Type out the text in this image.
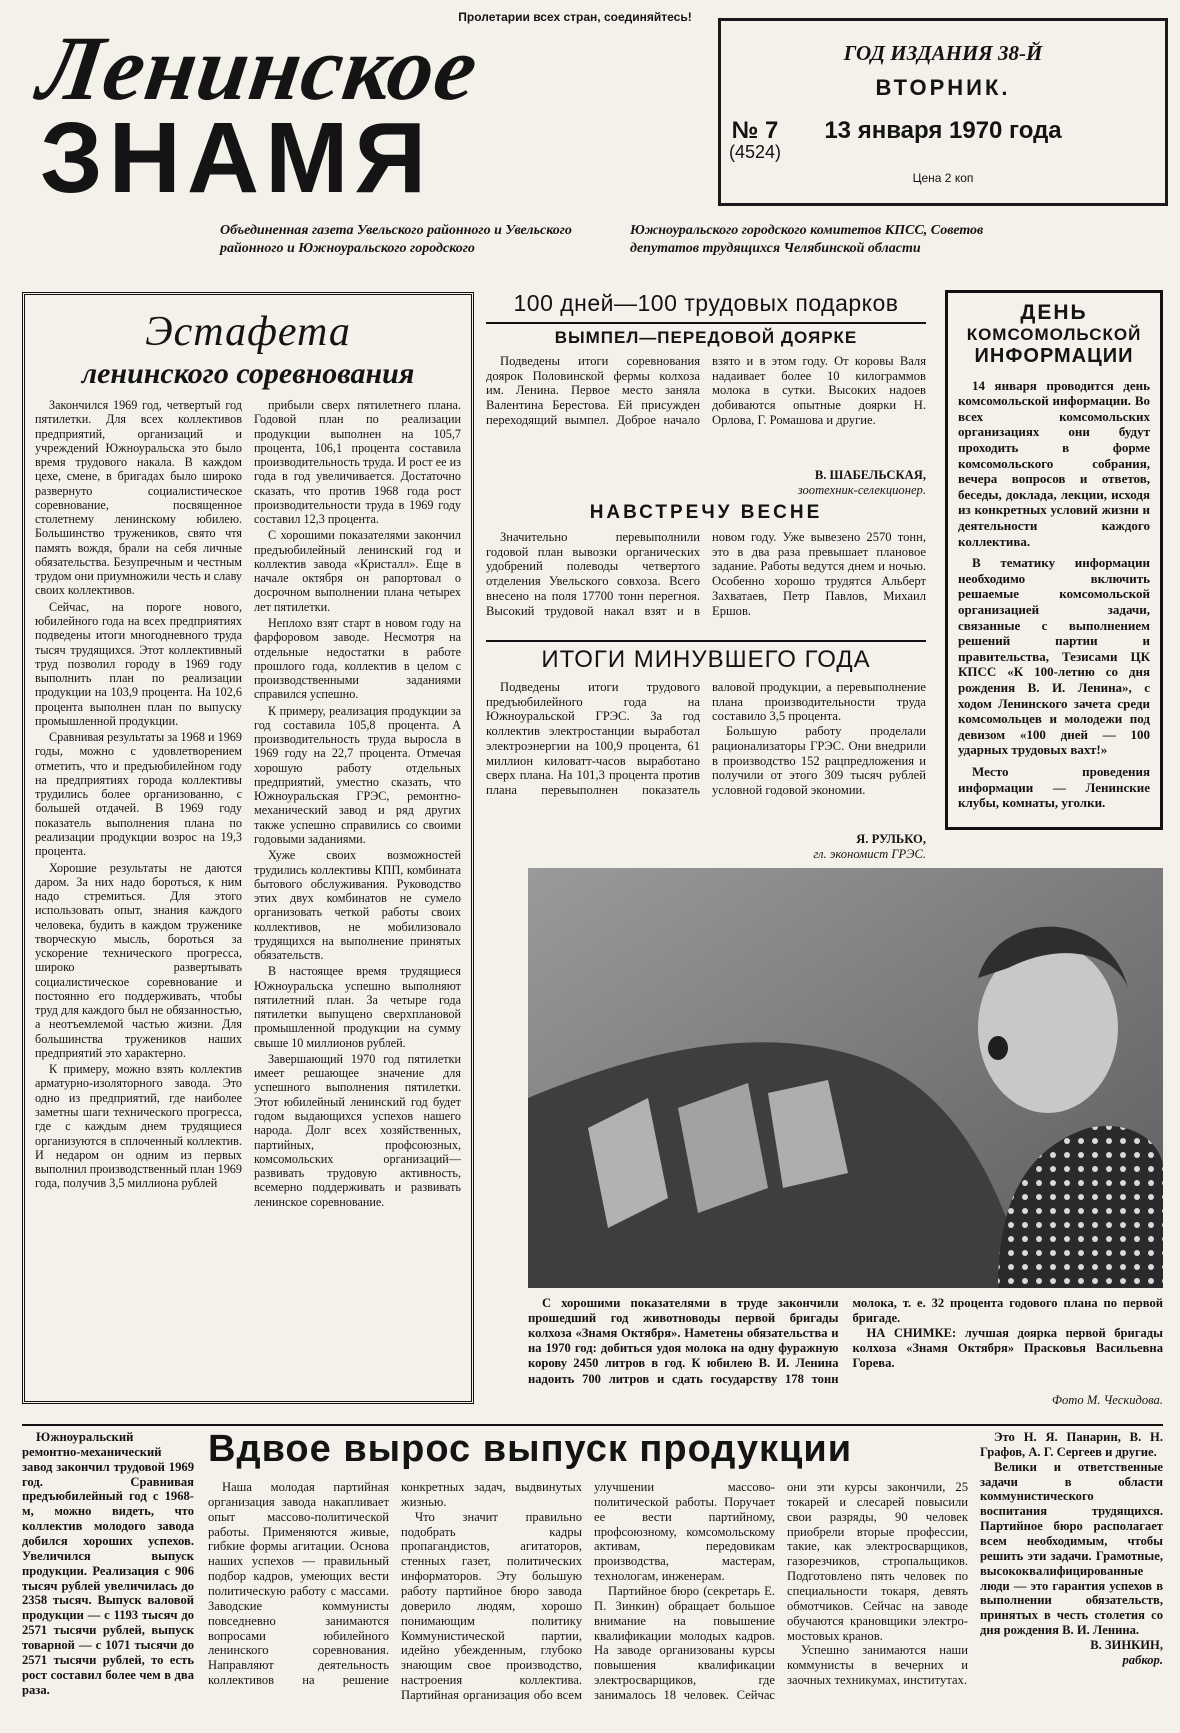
Пролетарии всех стран, соединяйтесь!
Ленинское
ЗНАМЯ	№ 7
(4524)
ГОД ИЗДАНИЯ 38-Й
ВТОРНИК.
13 января 1970 года
Цена 2 коп
Объединенная газета Увельского районного и Увельского районного и Южноуральского городского
Южноуральского городского комитетов КПСС, Советов депутатов трудящихся Челябинской области
Эстафета
ленинского соревнования

Закончился 1969 год, четвертый год пятилетки. Для всех коллективов предприятий, организаций и учреждений Южноуральска это было время трудового накала. В каждом цехе, смене, в бригадах было широко развернуто социалистическое соревнование, посвященное столетнему ленинскому юбилею. Большинство тружеников, свято чтя память вождя, брали на себя личные обязательства. Безупречным и честным трудом они приумножили честь и славу своих коллективов.

Сейчас, на пороге нового, юбилейного года на всех предприятиях подведены итоги многодневного труда тысяч трудящихся. Этот коллективный труд позволил городу в 1969 году выполнить план по реализации продукции на 103,9 процента. На 102,6 процента выполнен план по выпуску промышленной продукции.

Сравнивая результаты за 1968 и 1969 годы, можно с удовлетворением отметить, что и предъюбилейном году на предприятиях города коллективы трудились более организованно, с большей отдачей. В 1969 году показатель выполнения плана по реализации продукции возрос на 19,3 процента.

Хорошие результаты не даются даром. За них надо бороться, к ним надо стремиться. Для этого использовать опыт, знания каждого человека, будить в каждом труженике творческую мысль, бороться за ускорение технического прогресса, широко развертывать социалистическое соревнование и постоянно его поддерживать, чтобы труд для каждого был не обязанностью, а неотъемлемой частью жизни. Для большинства тружеников наших предприятий это характерно.

К примеру, можно взять коллектив арматурно-изоляторного завода. Это одно из предприятий, где наиболее заметны шаги технического прогресса, где с каждым днем трудящиеся организуются в сплоченный коллектив. И недаром он одним из первых выполнил производственный план 1969 года, получив 3,5 миллиона рублей

прибыли сверх пятилетнего плана. Годовой план по реализации продукции выполнен на 105,7 процента, 106,1 процента составила производительность труда. И рост ее из года в год увеличивается. Достаточно сказать, что против 1968 года рост производительности труда в 1969 году составил 12,3 процента.

С хорошими показателями закончил предъюбилейный ленинский год и коллектив завода «Кристалл». Еще в начале октября он рапортовал о досрочном выполнении плана четырех лет пятилетки.

Неплохо взят старт в новом году на фарфоровом заводе. Несмотря на отдельные недостатки в работе прошлого года, коллектив в целом с производственными заданиями справился успешно.

К примеру, реализация продукции за год составила 105,8 процента. А производительность труда выросла в 1969 году на 22,7 процента. Отмечая хорошую работу отдельных предприятий, уместно сказать, что Южноуральская ГРЭС, ремонтно-механический завод и ряд других также успешно справились со своими годовыми заданиями.

Хуже своих возможностей трудились коллективы КПП, комбината бытового обслуживания. Руководство этих двух комбинатов не сумело организовать четкой работы своих коллективов, не мобилизовало трудящихся на выполнение принятых обязательств.

В настоящее время трудящиеся Южноуральска успешно выполняют пятилетний план. За четыре года пятилетки выпущено сверхплановой промышленной продукции на сумму свыше 10 миллионов рублей.

Завершающий 1970 год пятилетки имеет решающее значение для успешного выполнения пятилетки. Этот юбилейный ленинский год будет годом выдающихся успехов нашего народа. Долг всех хозяйственных, партийных, профсоюзных, комсомольских организаций—развивать трудовую активность, всемерно поддерживать и развивать ленинское соревнование.

100 дней—100 трудовых подарков
ВЫМПЕЛ—ПЕРЕДОВОЙ ДОЯРКЕ

Подведены итоги соревнования доярок Половинской фермы колхоза им. Ленина. Первое место заняла Валентина Берестова. Ей присужден переходящий вымпел. Доброе начало взято и в этом году. От коровы Валя надаивает более 10 килограммов молока в сутки. Высоких надоев добиваются опытные доярки Н. Орлова, Г. Ромашова и другие.

В. ШАБЕЛЬСКАЯ,
зоотехник-селекционер.
НАВСТРЕЧУ ВЕСНЕ

Значительно перевыполнили годовой план вывозки органических удобрений полеводы четвертого отделения Увельского совхоза. Всего внесено на поля 17700 тонн перегноя. Высокий трудовой накал взят и в новом году. Уже вывезено 2570 тонн, это в два раза превышает плановое задание. Работы ведутся днем и ночью. Особенно хорошо трудятся Альберт Захватаев, Петр Павлов, Михаил Ершов.

ИТОГИ МИНУВШЕГО ГОДА

Подведены итоги трудового предъюбилейного года на Южноуральской ГРЭС. За год коллектив электростанции выработал электроэнергии на 100,9 процента, 61 миллион киловатт-часов выработано сверх плана. На 101,3 процента против плана перевыполнен показатель валовой продукции, а перевыполнение плана производительности труда составило 3,5 процента.

Большую работу проделали рационализаторы ГРЭС. Они внедрили в производство 152 рацпредложения и получили от этого 309 тысяч рублей условной годовой экономии.

Я. РУЛЬКО,
гл. экономист ГРЭС.
ДЕНЬ
КОМСОМОЛЬСКОЙ
ИНФОРМАЦИИ

14 января проводится день комсомольской информации. Во всех комсомольских организациях они будут проходить в форме комсомольского собрания, вечера вопросов и ответов, беседы, доклада, лекции, исходя из конкретных условий жизни и деятельности каждого коллектива.

В тематику информации необходимо включить решаемые комсомольской организацией задачи, связанные с выполнением решений партии и правительства, Тезисами ЦК КПСС «К 100-летию со дня рождения В. И. Ленина», с ходом Ленинского зачета среди комсомольцев и молодежи под девизом «100 дней — 100 ударных трудовых вахт!»

Место проведения информации — Ленинские клубы, комнаты, уголки.

С хорошими показателями в труде закончили прошедший год животноводы первой бригады колхоза «Знамя Октября». Наметены обязательства и на 1970 год: добиться удоя молока на одну фуражную корову 2450 литров в год. К юбилею В. И. Ленина надоить 700 литров и сдать государству 178 тонн молока, т. е. 32 процента годового плана по первой бригаде.

НА СНИМКЕ: лучшая доярка первой бригады колхоза «Знамя Октября» Прасковья Васильевна Горева.

Фото М. Ческидова.

Южноуральский ремонтно-механический завод закончил трудовой 1969 год. Сравнивая предъюбилейный год с 1968-м, можно видеть, что коллектив молодого завода добился хороших успехов. Увеличился выпуск продукции. Реализация с 906 тысяч рублей увеличилась до 2358 тысяч. Выпуск валовой продукции — с 1193 тысяч до 2571 тысячи рублей, выпуск товарной — с 1071 тысячи до 2571 тысячи рублей, то есть рост составил более чем в два раза.

Вдвое вырос выпуск продукции

Наша молодая партийная организация завода накапливает опыт массово-политической работы. Применяются живые, гибкие формы агитации. Основа наших успехов — правильный подбор кадров, умеющих вести политическую работу с массами. Заводские коммунисты повседневно занимаются вопросами юбилейного ленинского соревнования. Направляют деятельность коллективов на решение конкретных задач, выдвинутых жизнью.

Что значит правильно подобрать кадры пропагандистов, агитаторов, стенных газет, политических информаторов. Эту большую работу партийное бюро завода доверило людям, хорошо понимающим политику Коммунистической партии, идейно убежденным, глубоко знающим свое производство, настроения коллектива. Партийная организация обо всем улучшении массово-политической работы. Поручает ее вести партийному, профсоюзному, комсомольскому активам, передовикам производства, мастерам, технологам, инженерам.

Партийное бюро (секретарь Е. П. Зинкин) обращает большое внимание на повышение квалификации молодых кадров. На заводе организованы курсы повышения квалификации электросварщиков, где занималось 18 человек. Сейчас они эти курсы закончили, 25 токарей и слесарей повысили свои разряды, 90 человек приобрели вторые профессии, такие, как электросварщиков, газорезчиков, стропальщиков. Подготовлено пять человек по специальности токаря, девять обмотчиков. Сейчас на заводе обучаются крановщики электро-мостовых кранов.

Успешно занимаются наши коммунисты в вечерних и заочных техникумах, институтах.

Это Н. Я. Панарин, В. Н. Графов, А. Г. Сергеев и другие.

Велики и ответственные задачи в области коммунистического воспитания трудящихся. Партийное бюро располагает всем необходимым, чтобы решить эти задачи. Грамотные, высококвалифицированные люди — это гарантия успехов в выполнении обязательств, принятых в честь столетия со дня рождения В. И. Ленина.

В. ЗИНКИН,
рабкор.
